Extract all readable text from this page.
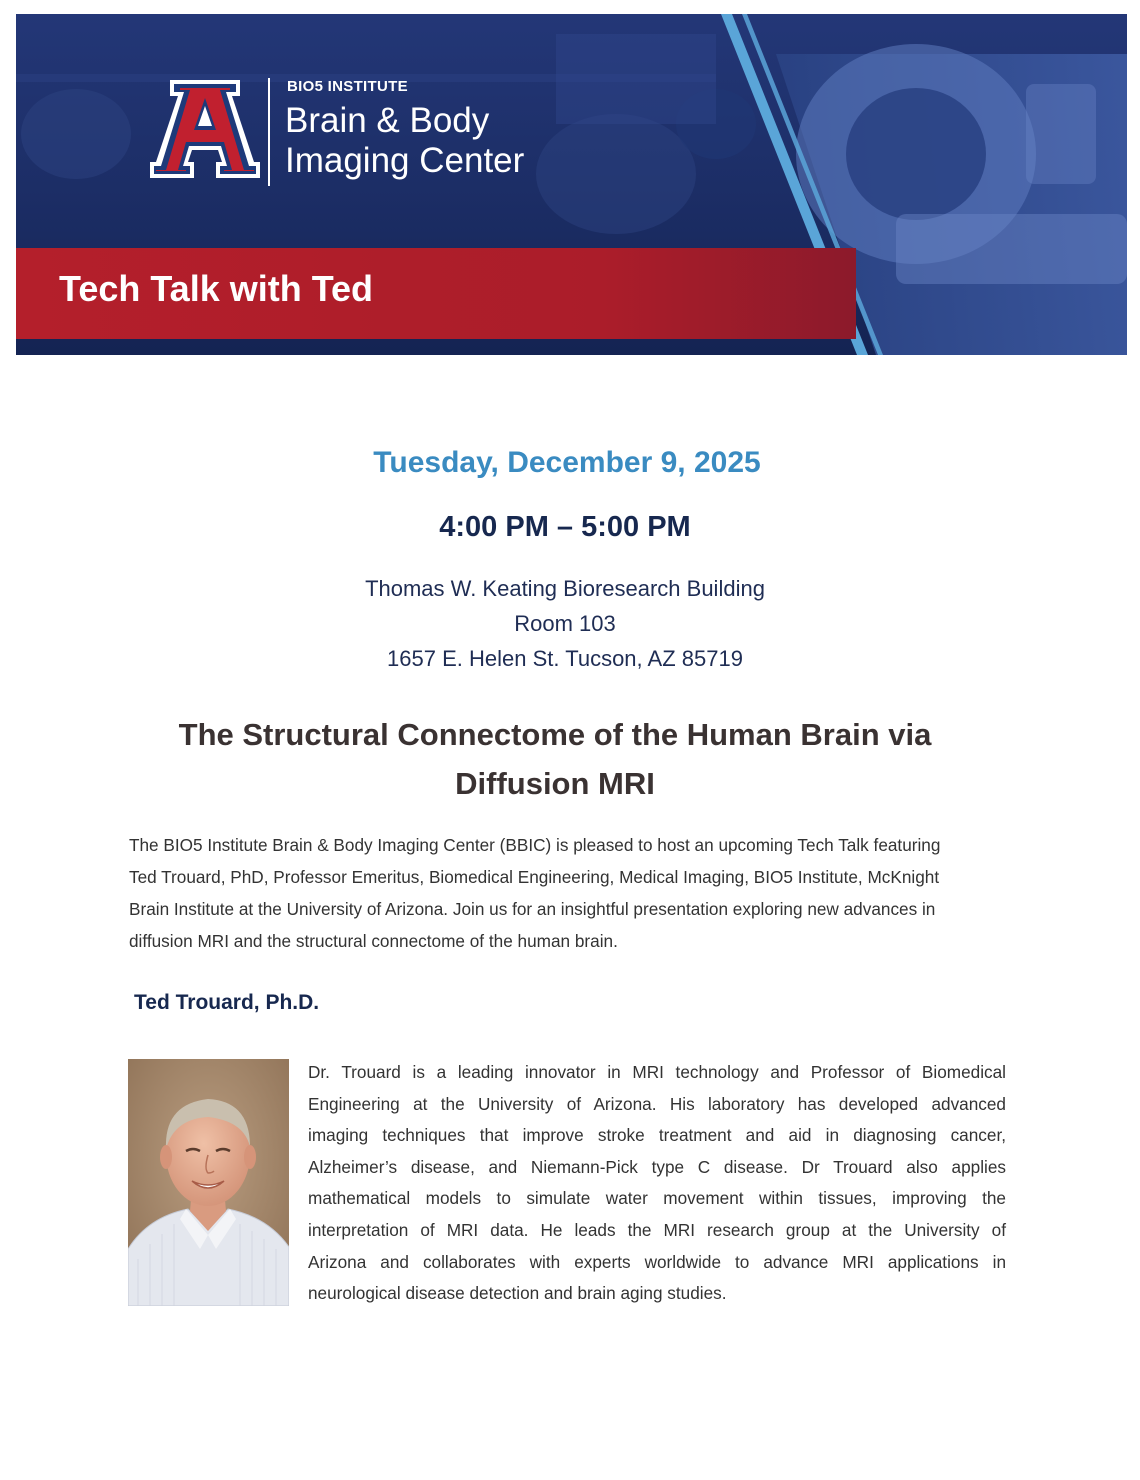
Tech Talk with Ted
BIO5 INSTITUTE
Brain & Body
Imaging Center
Tuesday, December 9, 2025
4:00 PM – 5:00 PM
Thomas W. Keating Bioresearch Building
Room 103
1657 E. Helen St. Tucson, AZ 85719
The Structural Connectome of the Human Brain via
Diffusion MRI
The BIO5 Institute Brain & Body Imaging Center (BBIC) is pleased to host an upcoming Tech Talk featuring
Ted Trouard, PhD, Professor Emeritus, Biomedical Engineering, Medical Imaging, BIO5 Institute, McKnight
Brain Institute at the University of Arizona. Join us for an insightful presentation exploring new advances in
diffusion MRI and the structural connectome of the human brain.
Ted Trouard, Ph.D.
Dr. Trouard is a leading innovator in MRI technology and Professor of Biomedical
Engineering at the University of Arizona. His laboratory has developed advanced
imaging techniques that improve stroke treatment and aid in diagnosing cancer,
Alzheimer’s disease, and Niemann-Pick type C disease. Dr Trouard also applies
mathematical models to simulate water movement within tissues, improving the
interpretation of MRI data. He leads the MRI research group at the University of
Arizona and collaborates with experts worldwide to advance MRI applications in
neurological disease detection and brain aging studies.
